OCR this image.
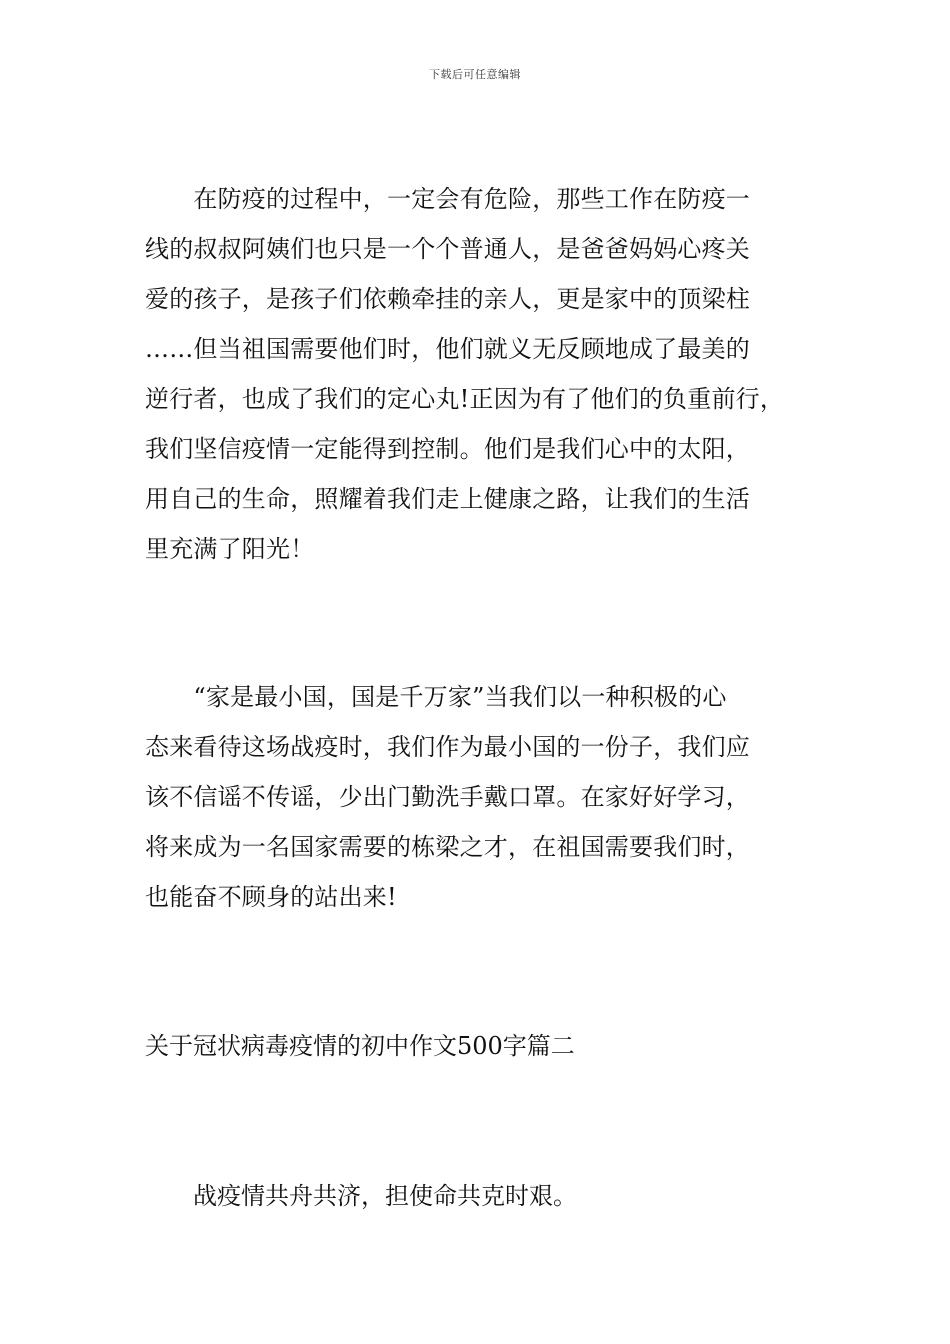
下载后可任意编辑

　　在防疫的过程中，一定会有危险，那些工作在防疫一
线的叔叔阿姨们也只是一个个普通人，是爸爸妈妈心疼关
爱的孩子，是孩子们依赖牵挂的亲人，更是家中的顶梁柱
……但当祖国需要他们时，他们就义无反顾地成了最美的
逆行者，也成了我们的定心丸!正因为有了他们的负重前行，
我们坚信疫情一定能得到控制。他们是我们心中的太阳，
用自己的生命，照耀着我们走上健康之路，让我们的生活
里充满了阳光！

　　“家是最小国，国是千万家”当我们以一种积极的心
态来看待这场战疫时，我们作为最小国的一份子，我们应
该不信谣不传谣，少出门勤洗手戴口罩。在家好好学习，
将来成为一名国家需要的栋梁之才，在祖国需要我们时，
也能奋不顾身的站出来!

关于冠状病毒疫情的初中作文500字篇二

战疫情共舟共济，担使命共克时艰。
